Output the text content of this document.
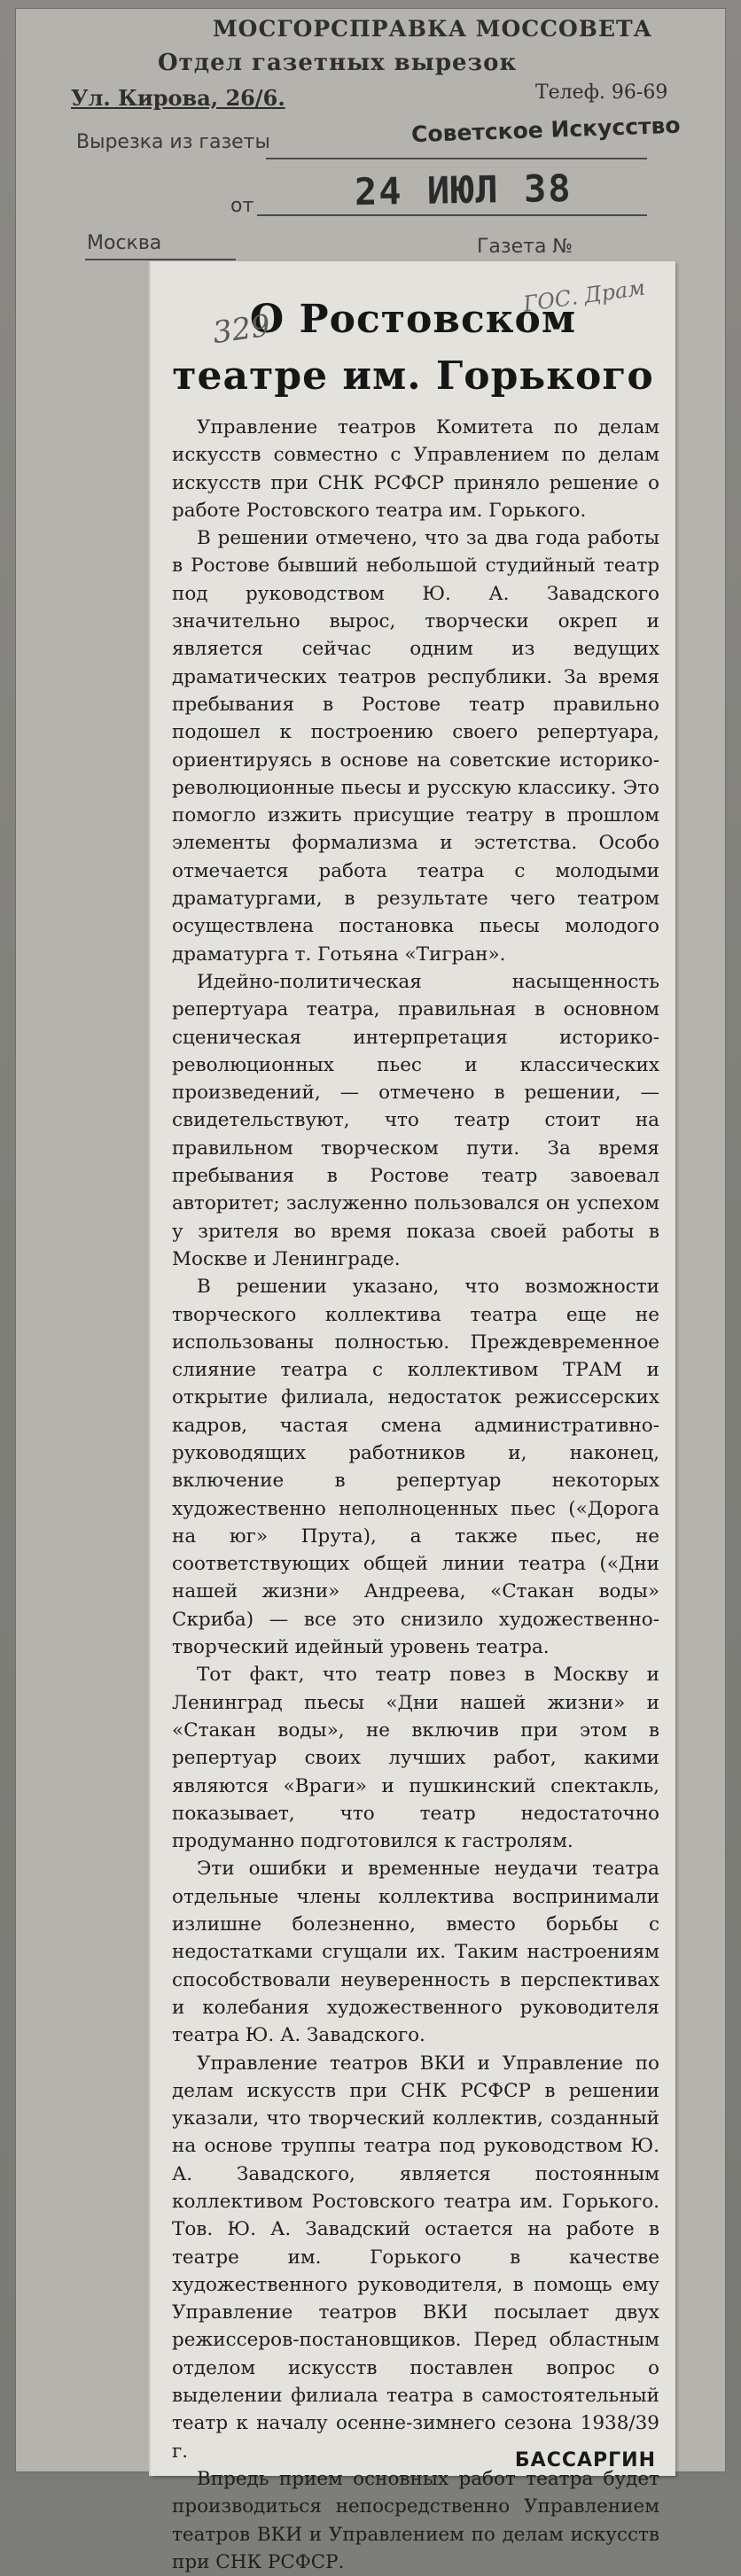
МОСГОРСПРАВКА МОССОВЕТА
Отдел газетных вырезок
Ул. Кирова, 26/6.	Телеф. 96-69
Вырезка из газеты	Советское Искусство
от	24 ИЮЛ 38
Москва	Газета №
О Ростовском
театре им. Горького

Управление театров Комитета по делам искусств совместно с Управлением по делам искусств при СНК РСФСР приняло решение о работе Ростовского театра им. Горького.

В решении отмечено, что за два года работы в Ростове бывший небольшой студийный театр под руководством Ю. А. Завадского значительно вырос, творчески окреп и является сейчас одним из ведущих драматических театров республики. За время пребывания в Ростове театр правильно подошел к построению своего репертуара, ориентируясь в основе на советские историко-революционные пьесы и русскую классику. Это помогло изжить присущие театру в прошлом элементы формализма и эстетства. Особо отмечается работа театра с молодыми драматургами, в результате чего театром осуществлена постановка пьесы молодого драматурга т. Готьяна «Тигран».

Идейно-политическая насыщенность репертуара театра, правильная в основном сценическая интерпретация историко-революционных пьес и классических произведений, — отмечено в решении, — свидетельствуют, что театр стоит на правильном творческом пути. За время пребывания в Ростове театр завоевал авторитет; заслуженно пользовался он успехом у зрителя во время показа своей работы в Москве и Ленинграде.

В решении указано, что возможности творческого коллектива театра еще не использованы полностью. Преждевременное слияние театра с коллективом ТРАМ и открытие филиала, недостаток режиссерских кадров, частая смена административно-руководящих работников и, наконец, включение в репертуар некоторых художественно неполноценных пьес («Дорога на юг» Прута), а также пьес, не соответствующих общей линии театра («Дни нашей жизни» Андреева, «Стакан воды» Скриба) — все это снизило художественно-творческий идейный уровень театра.

Тот факт, что театр повез в Москву и Ленинград пьесы «Дни нашей жизни» и «Стакан воды», не включив при этом в репертуар своих лучших работ, какими являются «Враги» и пушкинский спектакль, показывает, что театр недостаточно продуманно подготовился к гастролям.

Эти ошибки и временные неудачи театра отдельные члены коллектива воспринимали излишне болезненно, вместо борьбы с недостатками сгущали их. Таким настроениям способствовали неуверенность в перспективах и колебания художественного руководителя театра Ю. А. Завадского.

Управление театров ВКИ и Управление по делам искусств при СНК РСФСР в решении указали, что творческий коллектив, созданный на основе труппы театра под руководством Ю. А. Завадского, является постоянным коллективом Ростовского театра им. Горького. Тов. Ю. А. Завадский остается на работе в театре им. Горького в качестве художественного руководителя, в помощь ему Управление театров ВКИ посылает двух режиссеров-постановщиков. Перед областным отделом искусств поставлен вопрос о выделении филиала театра в самостоятельный театр к началу осенне-зимнего сезона 1938/39 г.

Впредь прием основных работ театра будет производиться непосредственно Управлением театров ВКИ и Управлением по делам искусств при СНК РСФСР.

БАССАРГИН
ГОС. Драм
329
